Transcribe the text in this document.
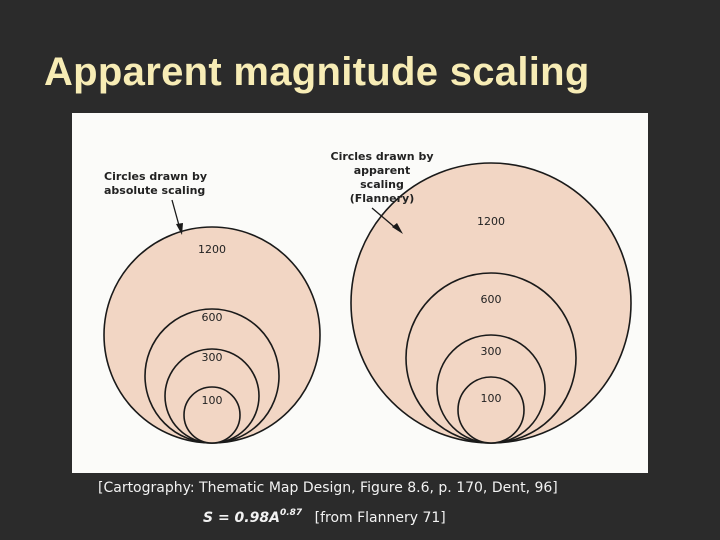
Apparent magnitude scaling
1200
600
300
100
Circles drawn by
absolute scaling
1200
600
300
100
Circles drawn by
apparent
scaling
(Flannery)
[Cartography: Thematic Map Design, Figure 8.6, p. 170, Dent, 96]
$S = 0.98A^{0.87}$ [from Flannery 71]
